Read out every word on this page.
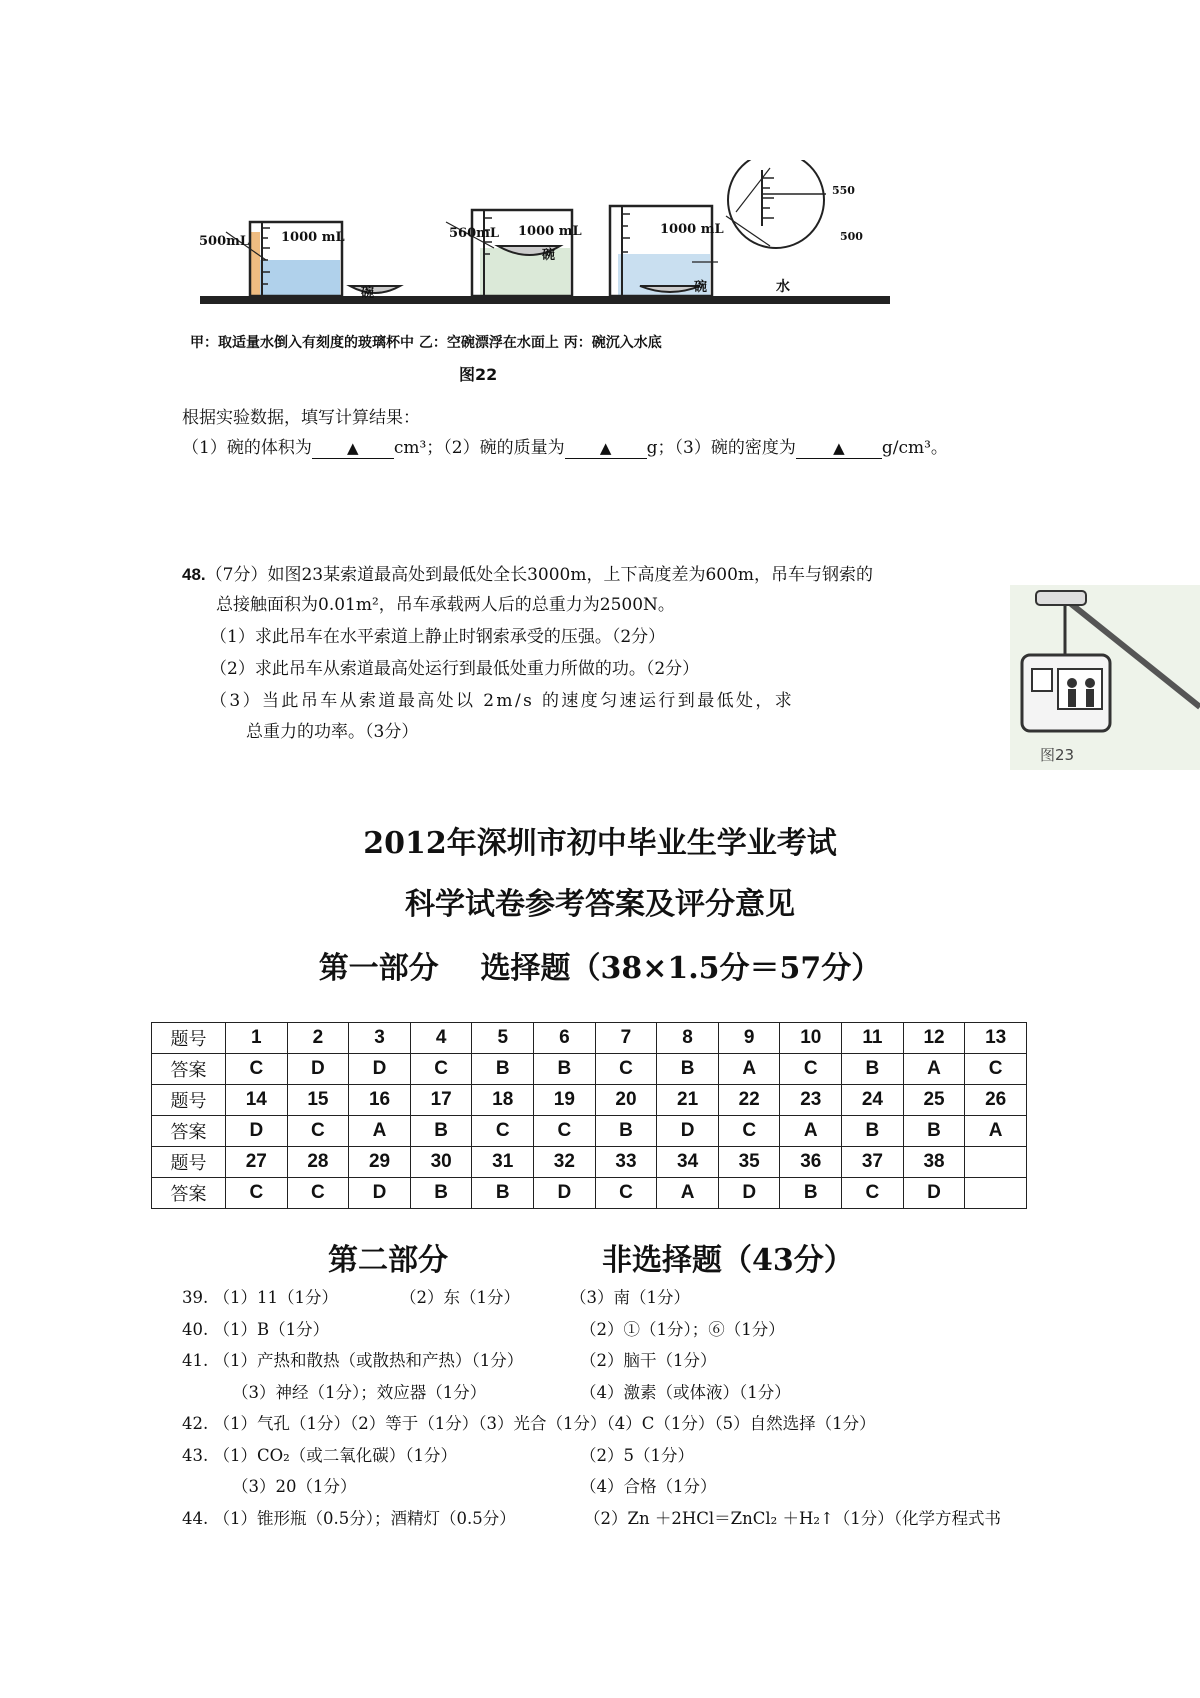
500mL 1000 mL
碗
560mL 1000 mL
碗
1000 mL
碗	水
550
500
甲：取适量水倒入有刻度的玻璃杯中 乙：空碗漂浮在水面上 丙：碗沉入水底
图22
根据实验数据，填写计算结果：
（1）碗的体积为 ▲ cm³；（2）碗的质量为 ▲ g；（3）碗的密度为 ▲ g/cm³。
48.（7分）如图23某索道最高处到最低处全长3000m，上下高度差为600m，吊车与钢索的
总接触面积为0.01m²，吊车承载两人后的总重力为2500N。
（1）求此吊车在水平索道上静止时钢索承受的压强。（2分）
（2）求此吊车从索道最高处运行到最低处重力所做的功。（2分）
（3）当此吊车从索道最高处以 2m/s 的速度匀速运行到最低处，求
总重力的功率。（3分）
图23
2012年深圳市初中毕业生学业考试
科学试卷参考答案及评分意见
第一部分    选择题（38×1.5分＝57分）
题号	1	2	3	4	5	6	7	8	9	10	11	12	13
答案	C	D	D	C	B	B	C	B	A	C	B	A	C
题号	14	15	16	17	18	19	20	21	22	23	24	25	26
答案	D	C	A	B	C	C	B	D	C	A	B	B	A
题号	27	28	29	30	31	32	33	34	35	36	37	38	
答案	C	C	D	B	B	D	C	A	D	B	C	D	
第二部分	非选择题（43分）
39. （1）11（1分）	（2）东（1分）	（3）南（1分）
40. （1）B（1分）	（2）①（1分）；⑥（1分）
41. （1）产热和散热（或散热和产热）（1分）	（2）脑干（1分）
（3）神经（1分）；效应器（1分）	（4）激素（或体液）（1分）
42. （1）气孔（1分）（2）等于（1分）（3）光合（1分）（4）C（1分）（5）自然选择（1分）
43. （1）CO₂（或二氧化碳）（1分）	（2）5（1分）
（3）20（1分）	（4）合格（1分）
44. （1）锥形瓶（0.5分）；酒精灯（0.5分）	（2）Zn ＋2HCl＝ZnCl₂ ＋H₂↑（1分）（化学方程式书
